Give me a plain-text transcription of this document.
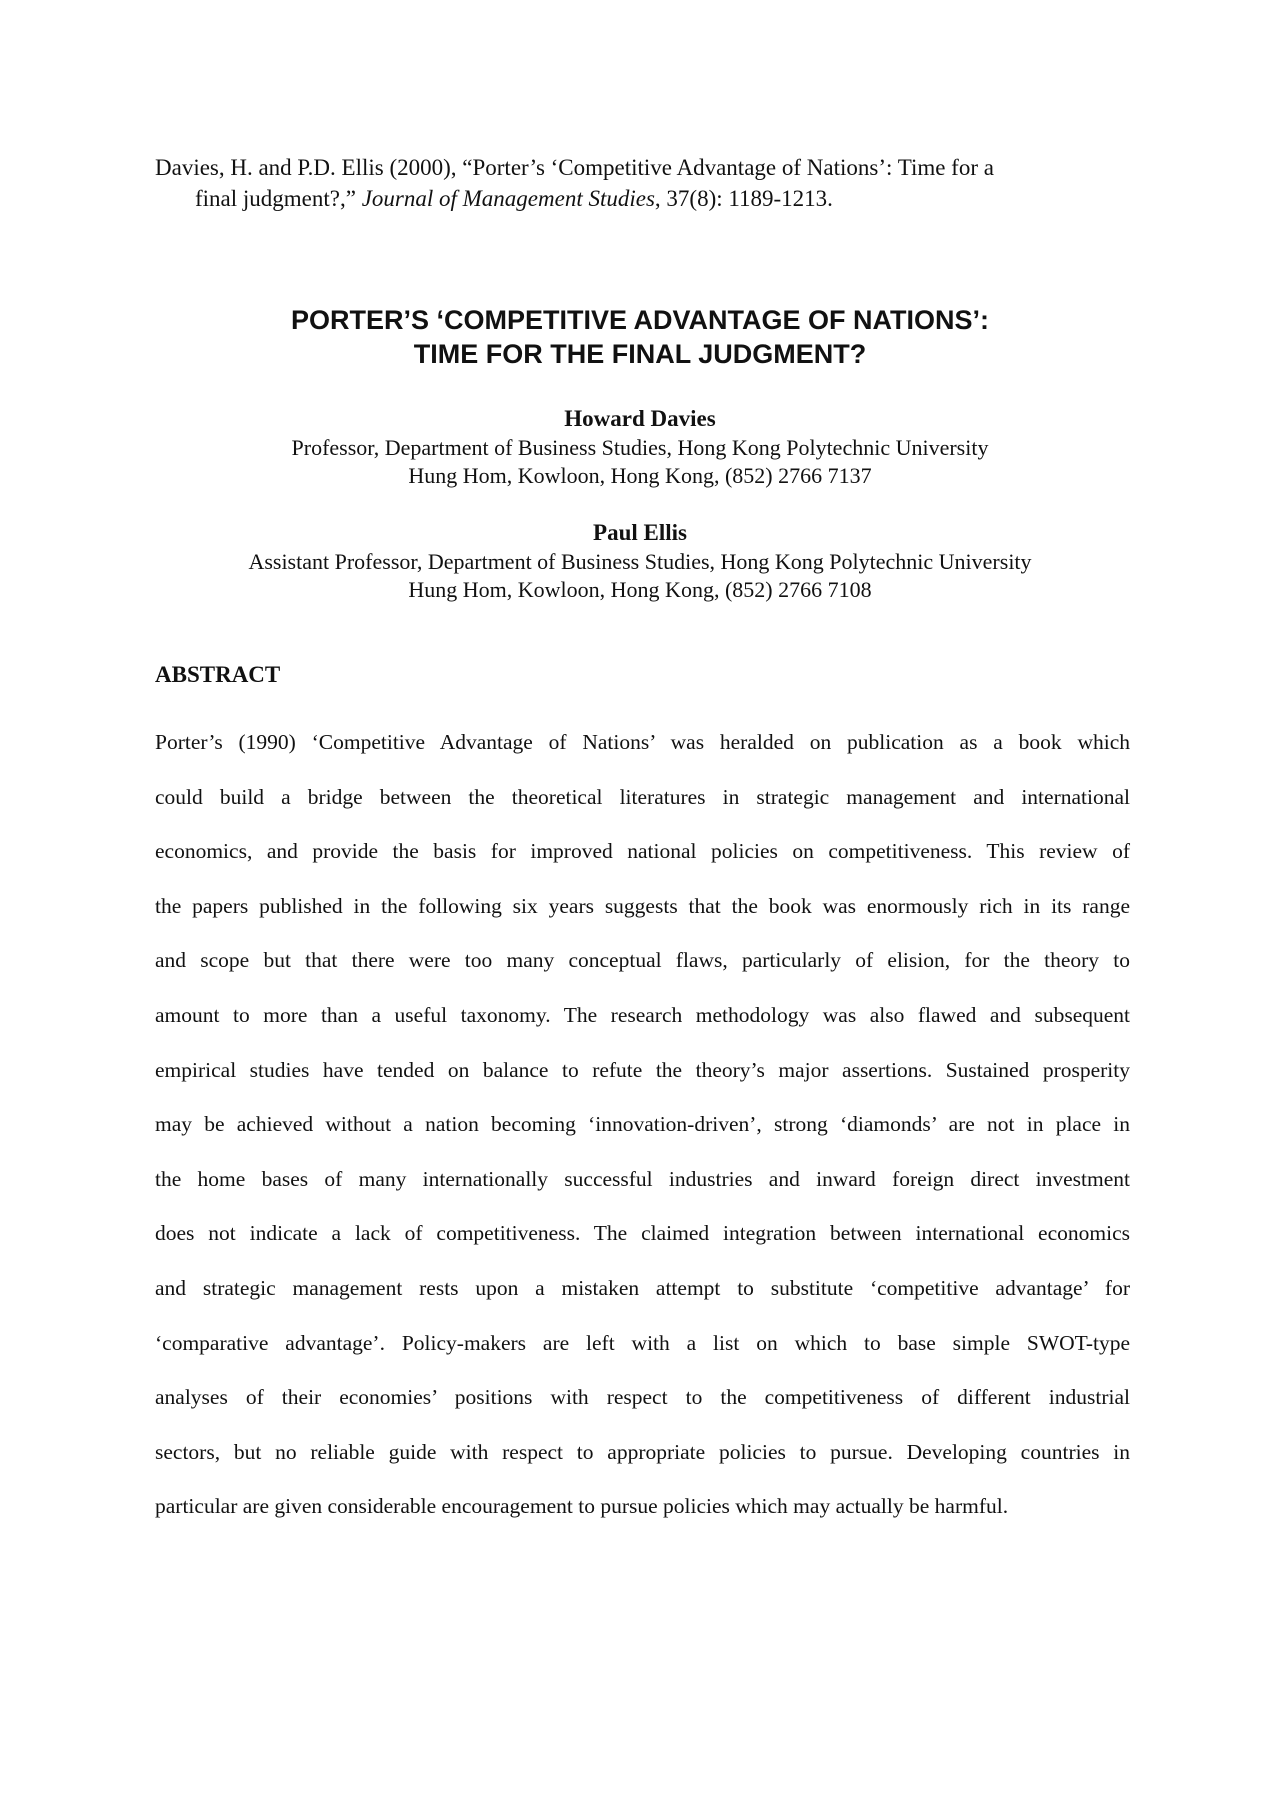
Davies, H. and P.D. Ellis (2000), “Porter’s ‘Competitive Advantage of Nations’: Time for a
final judgment?,” Journal of Management Studies, 37(8): 1189-1213.
PORTER’S ‘COMPETITIVE ADVANTAGE OF NATIONS’:
TIME FOR THE FINAL JUDGMENT?
Howard Davies
Professor, Department of Business Studies, Hong Kong Polytechnic University
Hung Hom, Kowloon, Hong Kong, (852) 2766 7137
Paul Ellis
Assistant Professor, Department of Business Studies, Hong Kong Polytechnic University
Hung Hom, Kowloon, Hong Kong, (852) 2766 7108
ABSTRACT
Porter’s (1990) ‘Competitive Advantage of Nations’ was heralded on publication as a book which
could build a bridge between the theoretical literatures in strategic management and international
economics, and provide the basis for improved national policies on competitiveness. This review of
the papers published in the following six years suggests that the book was enormously rich in its range
and scope but that there were too many conceptual flaws, particularly of elision, for the theory to
amount to more than a useful taxonomy. The research methodology was also flawed and subsequent
empirical studies have tended on balance to refute the theory’s major assertions. Sustained prosperity
may be achieved without a nation becoming ‘innovation-driven’, strong ‘diamonds’ are not in place in
the home bases of many internationally successful industries and inward foreign direct investment
does not indicate a lack of competitiveness. The claimed integration between international economics
and strategic management rests upon a mistaken attempt to substitute ‘competitive advantage’ for
‘comparative advantage’. Policy-makers are left with a list on which to base simple SWOT-type
analyses of their economies’ positions with respect to the competitiveness of different industrial
sectors, but no reliable guide with respect to appropriate policies to pursue. Developing countries in
particular are given considerable encouragement to pursue policies which may actually be harmful.
